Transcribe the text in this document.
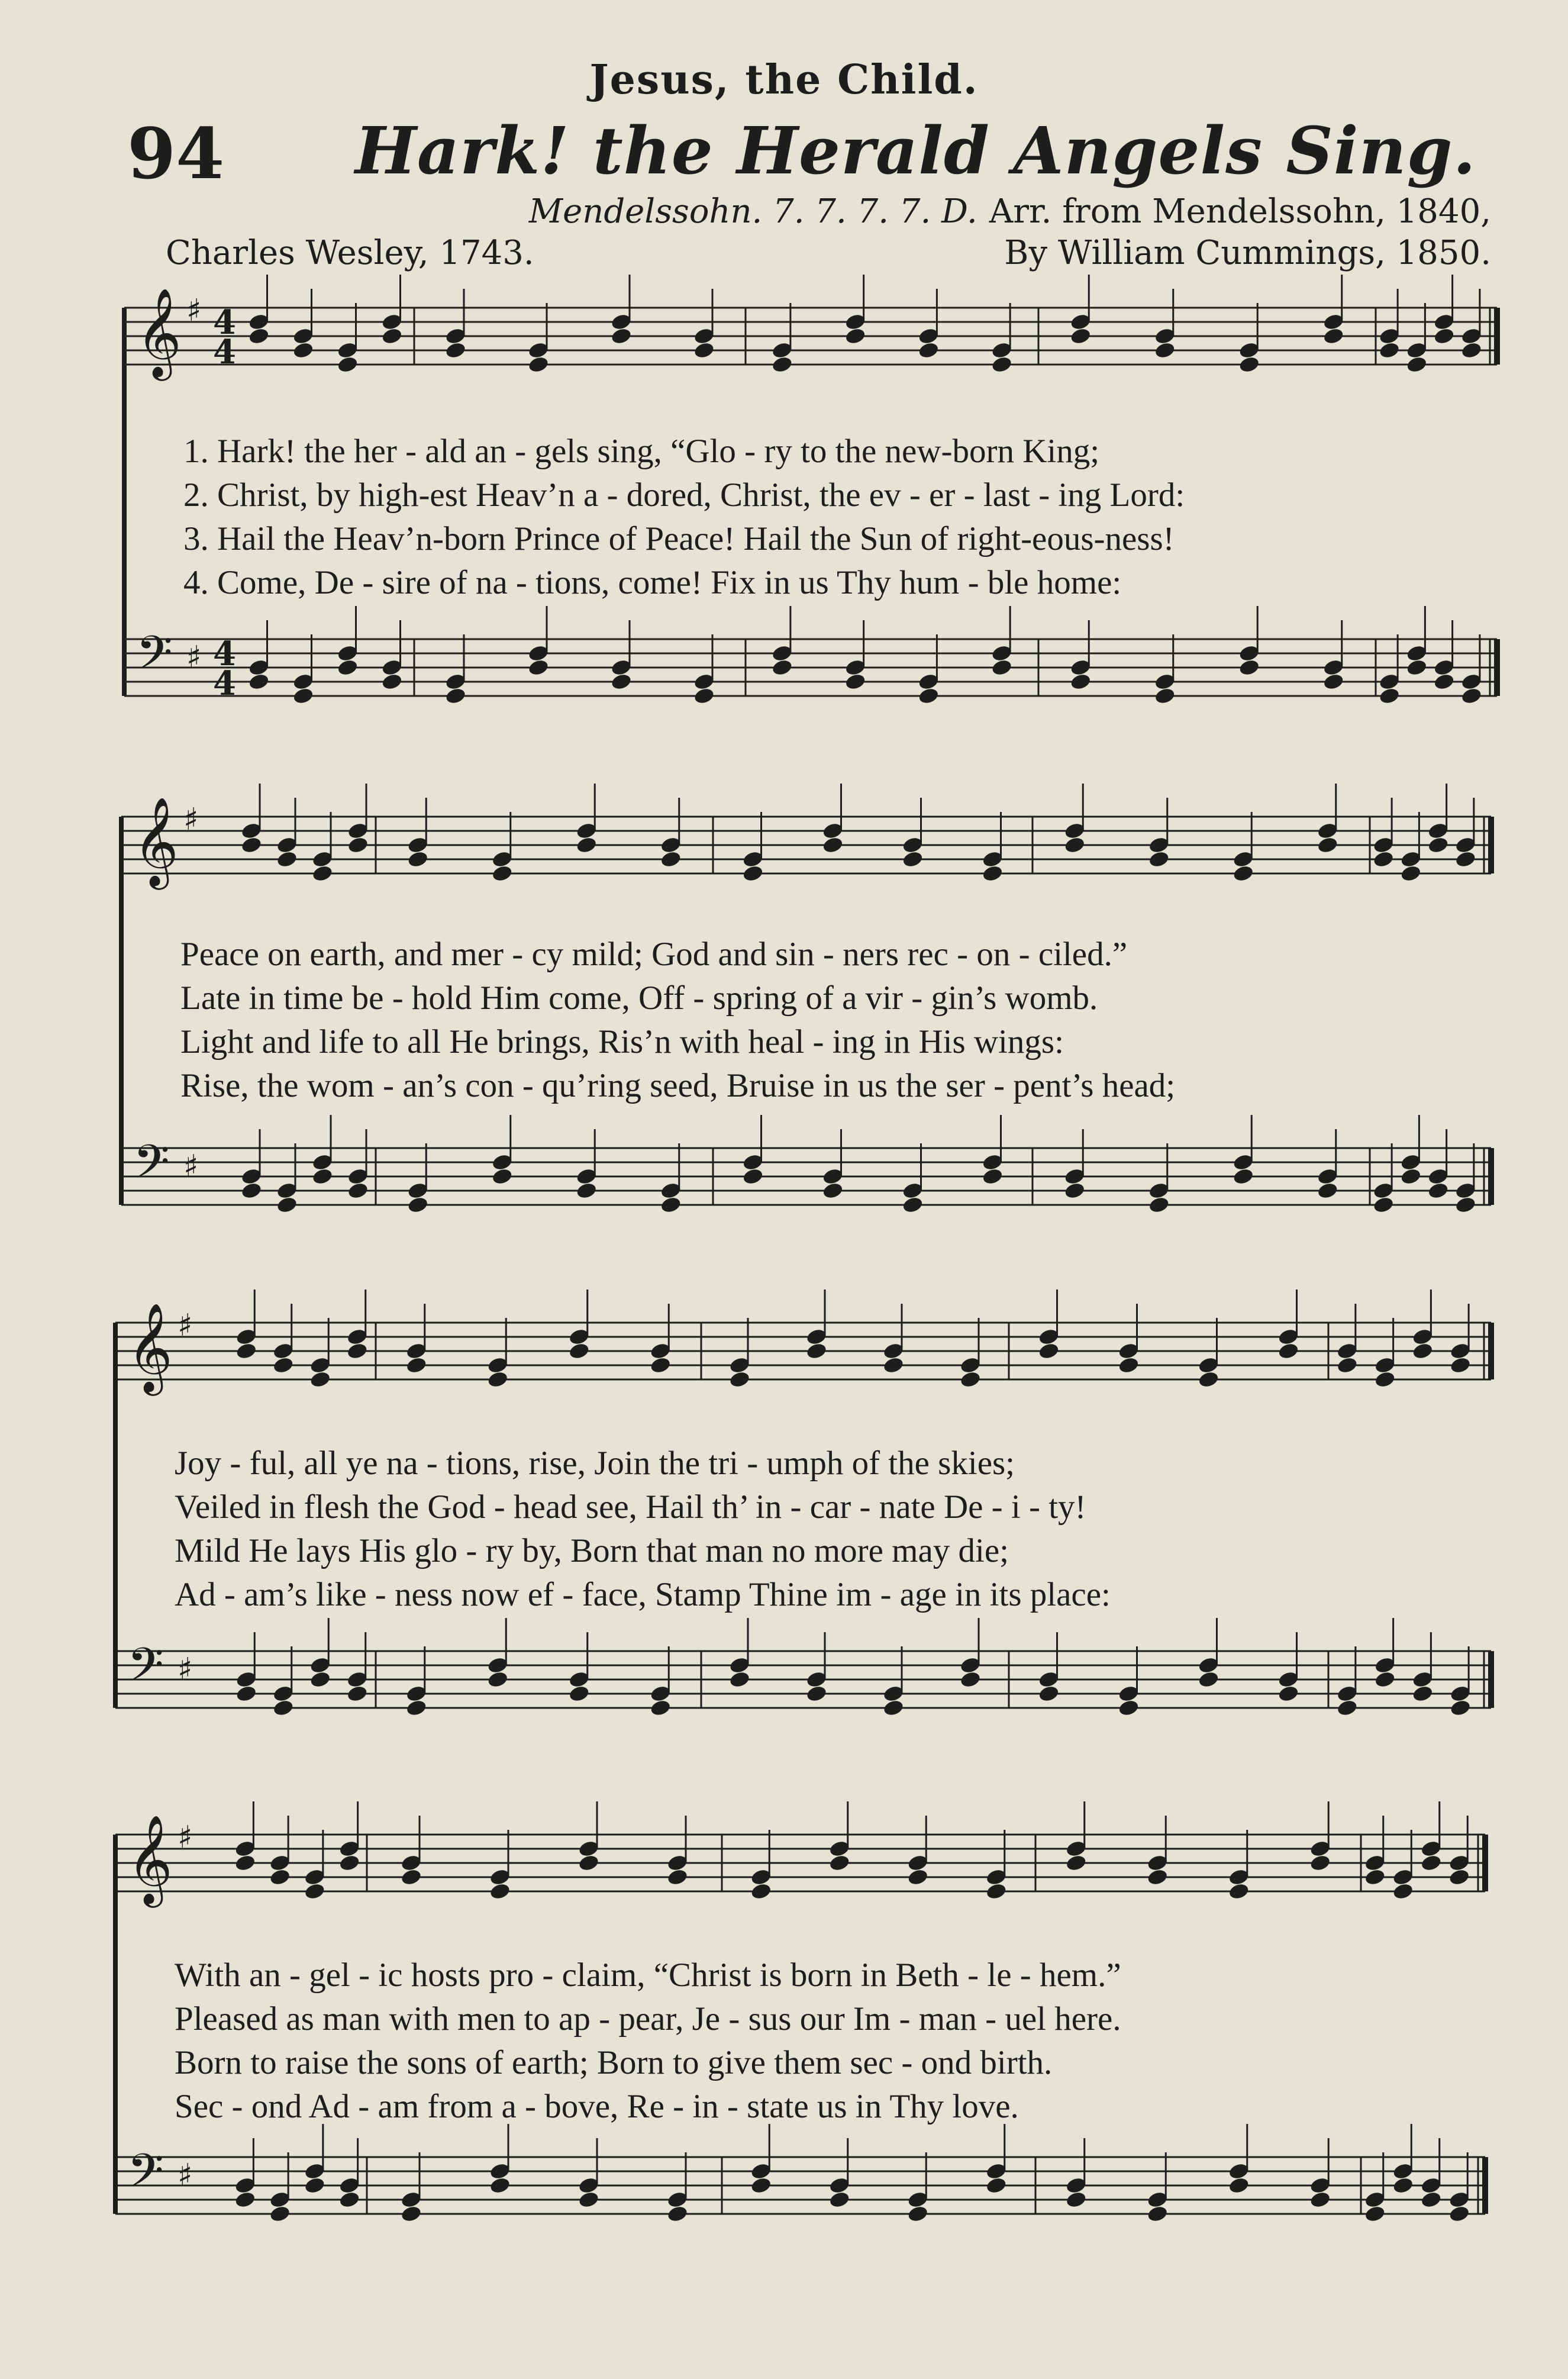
Jesus, the Child.
94 Hark! the Herald Angels Sing.
Mendelssohn. 7. 7. 7. 7. D. Arr. from Mendelssohn, 1840,
Charles Wesley, 1743.	By William Cummings, 1850.
𝄞 ♯
𝄢 ♯
4
4
4
4
𝄞 ♯
𝄢 ♯
𝄞 ♯
𝄢 ♯
𝄞 ♯
𝄢 ♯
1. Hark! the her - ald an - gels sing, “Glo - ry to the new-born King;
2. Christ, by high-est Heav’n a - dored, Christ, the ev - er - last - ing Lord:
3. Hail the Heav’n-born Prince of Peace! Hail the Sun of right-eous-ness!
4. Come, De - sire of na - tions, come! Fix in us Thy hum - ble home:
Peace on earth, and mer - cy mild; God and sin - ners rec - on - ciled.”
Late in time be - hold Him come, Off - spring of a vir - gin’s womb.
Light and life to all He brings, Ris’n with heal - ing in His wings:
Rise, the wom - an’s con - qu’ring seed, Bruise in us the ser - pent’s head;
Joy - ful, all ye na - tions, rise, Join the tri - umph of the skies;
Veiled in flesh the God - head see, Hail th’ in - car - nate De - i - ty!
Mild He lays His glo - ry by, Born that man no more may die;
Ad - am’s like - ness now ef - face, Stamp Thine im - age in its place:
With an - gel - ic hosts pro - claim, “Christ is born in Beth - le - hem.”
Pleased as man with men to ap - pear, Je - sus our Im - man - uel here.
Born to raise the sons of earth; Born to give them sec - ond birth.
Sec - ond Ad - am from a - bove, Re - in - state us in Thy love.
